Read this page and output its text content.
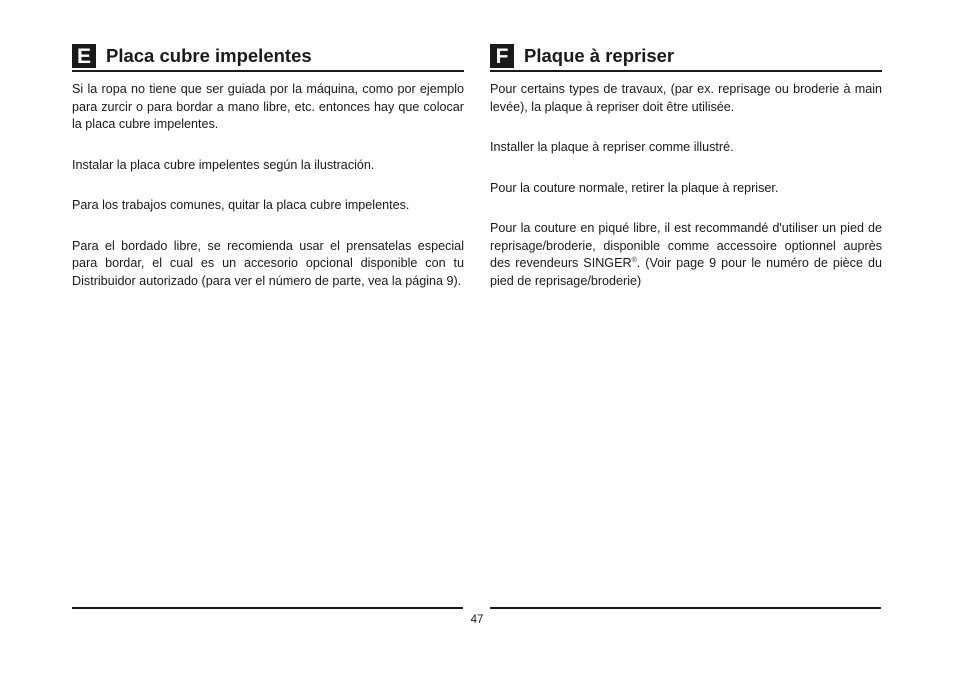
E Placa cubre impelentes

Si la ropa no tiene que ser guiada por la máquina, como por ejemplo para zurcir o para bordar a mano libre, etc. entonces hay que colocar la placa cubre impelentes.

Instalar la placa cubre impelentes según la ilustración.

Para los trabajos comunes, quitar la placa cubre impelentes.

Para el bordado libre, se recomienda usar el prensatelas especial para bordar, el cual es un accesorio opcional disponible con tu Distribuidor autorizado (para ver el número de parte, vea la página 9).

F Plaque à repriser

Pour certains types de travaux, (par ex. reprisage ou broderie à main levée), la plaque à repriser doit être utilisée.

Installer la plaque à repriser comme illustré.

Pour la couture normale, retirer la plaque à repriser.

Pour la couture en piqué libre, il est recommandé d'utiliser un pied de reprisage/broderie, disponible comme accessoire optionnel auprès des revendeurs SINGER®. (Voir page 9 pour le numéro de pièce du pied de reprisage/broderie)

47
